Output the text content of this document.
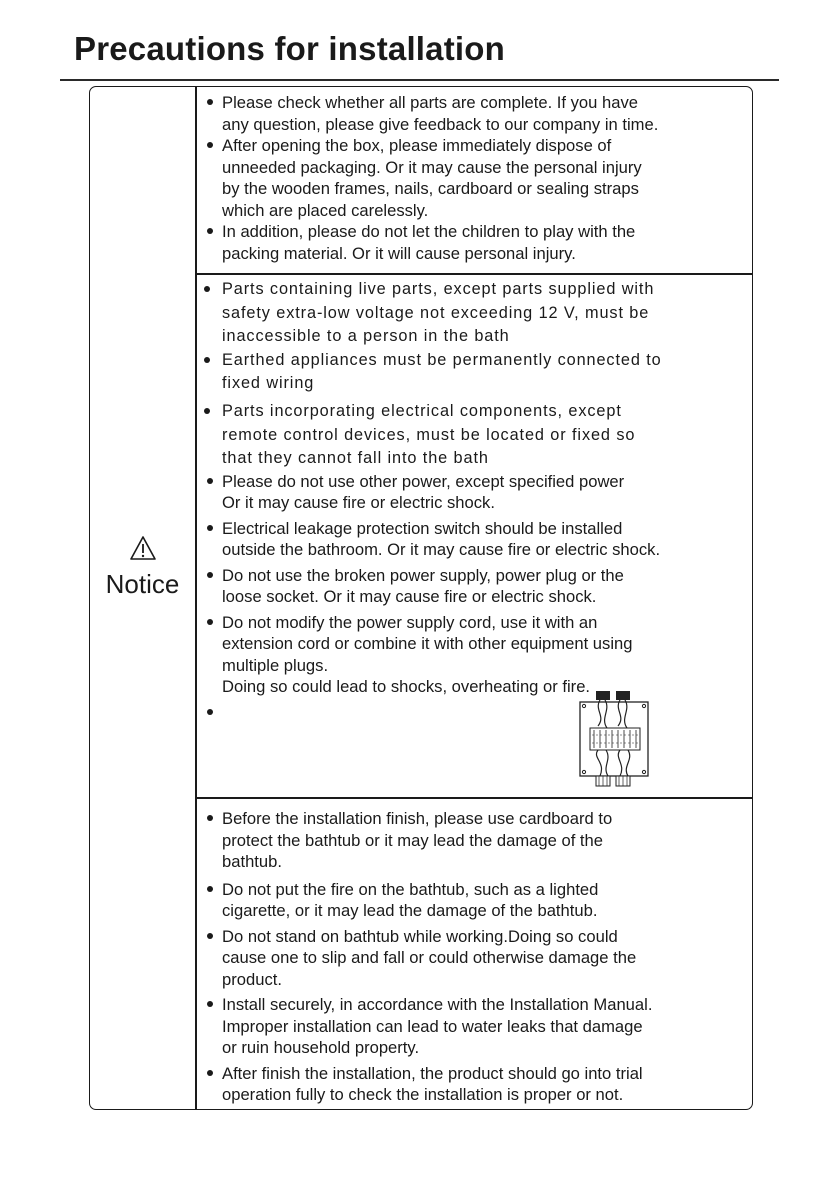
Precautions for installation
Notice
Please check whether all parts are complete. If you have
any question, please give feedback to our company in time.
After opening the box, please immediately dispose of
unneeded packaging. Or it may cause the personal injury
by the wooden frames, nails, cardboard or sealing straps
which are placed carelessly.
In addition, please do not let the children to play with the
packing material. Or it will cause personal injury.
Parts containing live parts, except parts supplied with
safety extra-low voltage not exceeding 12 V, must be
inaccessible to a person in the bath
Earthed appliances must be permanently connected to
fixed wiring
Parts incorporating electrical components, except
remote control devices, must be located or fixed so
that they cannot fall into the bath
Please do not use other power, except specified power
Or it may cause fire or electric shock.
Electrical leakage protection switch should be installed
outside the bathroom. Or it may cause fire or electric shock.
Do not use the broken power supply, power plug or the
loose socket. Or it may cause fire or electric shock.
Do not modify the power supply cord, use it with an
extension cord or combine it with other equipment using
multiple plugs.
Doing so could lead to shocks, overheating or fire.
Before the installation finish, please use cardboard to
protect the bathtub or it may lead the damage of the
bathtub.
Do not put the fire on the bathtub, such as a lighted
cigarette, or it may lead the damage of the bathtub.
Do not stand on bathtub while working.Doing so could
cause one to slip and fall or could otherwise damage the
product.
Install securely, in accordance with the Installation Manual.
Improper installation can lead to water leaks that damage
or ruin household property.
After finish the installation, the product should go into trial
operation fully to check the installation is proper or not.
